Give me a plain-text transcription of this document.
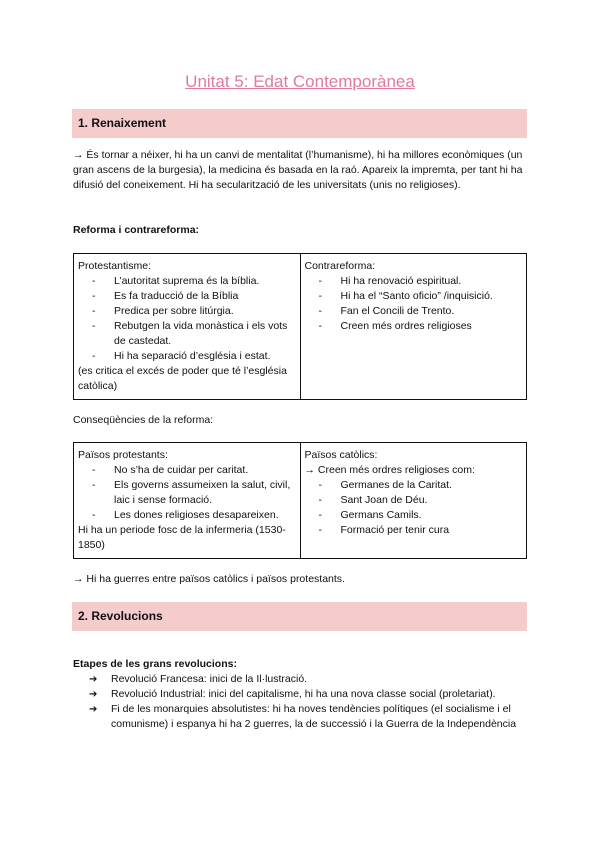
Unitat 5: Edat Contemporànea
1. Renaixement
→ És tornar a néixer, hi ha un canvi de mentalitat (l’humanisme), hi ha millores econòmiques (un gran ascens de la burgesia), la medicina és basada en la raó. Apareix la impremta, per tant hi ha difusió del coneixement. Hi ha secularització de les universitats (unis no religioses).
Reforma i contrareforma:
Protestantisme:
- L’autoritat suprema és la bíblia.
- Es fa traducció de la Bíblia
- Predica per sobre litúrgia.
- Rebutgen la vida monàstica i els vots de castedat.
- Hi ha separació d’església i estat.
(es critica el excés de poder que té l’església catòlica)

Contrareforma:
- Hi ha renovació espiritual.
- Hi ha el “Santo oficio” /inquisició.
- Fan el Concili de Trento.
- Creen més ordres religioses
Conseqüències de la reforma:
Països protestants:
- No s’ha de cuidar per caritat.
- Els governs assumeixen la salut, civil, laic i sense formació.
- Les dones religioses desapareixen.
Hi ha un periode fosc de la infermeria (1530-1850)

Països catòlics:
→ Creen més ordres religioses com:
- Germanes de la Caritat.
- Sant Joan de Déu.
- Germans Camils.
- Formació per tenir cura
→ Hi ha guerres entre països catòlics i països protestants.
2. Revolucions
Etapes de les grans revolucions:
➔ Revolució Francesa: inici de la Il·lustració.
➔ Revolució Industrial: inici del capitalisme, hi ha una nova classe social (proletariat).
➔ Fi de les monarquies absolutistes: hi ha noves tendències polítiques (el socialisme i el comunisme) i espanya hi ha 2 guerres, la de successió i la Guerra de la Independència
